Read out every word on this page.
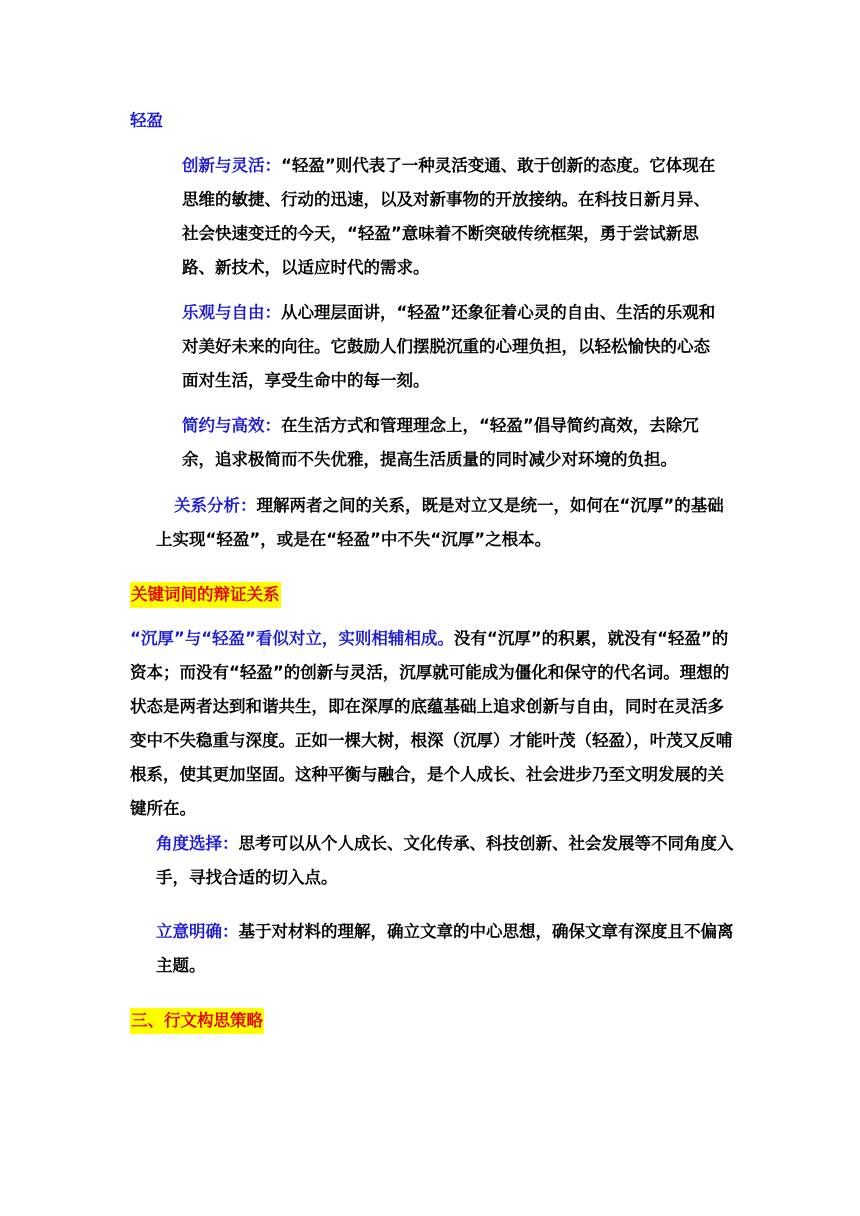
轻盈

创新与灵活：“轻盈”则代表了一种灵活变通、敢于创新的态度。它体现在思维的敏捷、行动的迅速，以及对新事物的开放接纳。在科技日新月异、社会快速变迁的今天，“轻盈”意味着不断突破传统框架，勇于尝试新思路、新技术，以适应时代的需求。

乐观与自由：从心理层面讲，“轻盈”还象征着心灵的自由、生活的乐观和对美好未来的向往。它鼓励人们摆脱沉重的心理负担，以轻松愉快的心态面对生活，享受生命中的每一刻。

简约与高效：在生活方式和管理理念上，“轻盈”倡导简约高效，去除冗余，追求极简而不失优雅，提高生活质量的同时减少对环境的负担。

关系分析：理解两者之间的关系，既是对立又是统一，如何在“沉厚”的基础上实现“轻盈”，或是在“轻盈”中不失“沉厚”之根本。

关键词间的辩证关系

“沉厚”与“轻盈”看似对立，实则相辅相成。没有“沉厚”的积累，就没有“轻盈”的资本；而没有“轻盈”的创新与灵活，沉厚就可能成为僵化和保守的代名词。理想的状态是两者达到和谐共生，即在深厚的底蕴基础上追求创新与自由，同时在灵活多变中不失稳重与深度。正如一棵大树，根深（沉厚）才能叶茂（轻盈），叶茂又反哺根系，使其更加坚固。这种平衡与融合，是个人成长、社会进步乃至文明发展的关键所在。

角度选择：思考可以从个人成长、文化传承、科技创新、社会发展等不同角度入手，寻找合适的切入点。

立意明确：基于对材料的理解，确立文章的中心思想，确保文章有深度且不偏离主题。

三、行文构思策略
